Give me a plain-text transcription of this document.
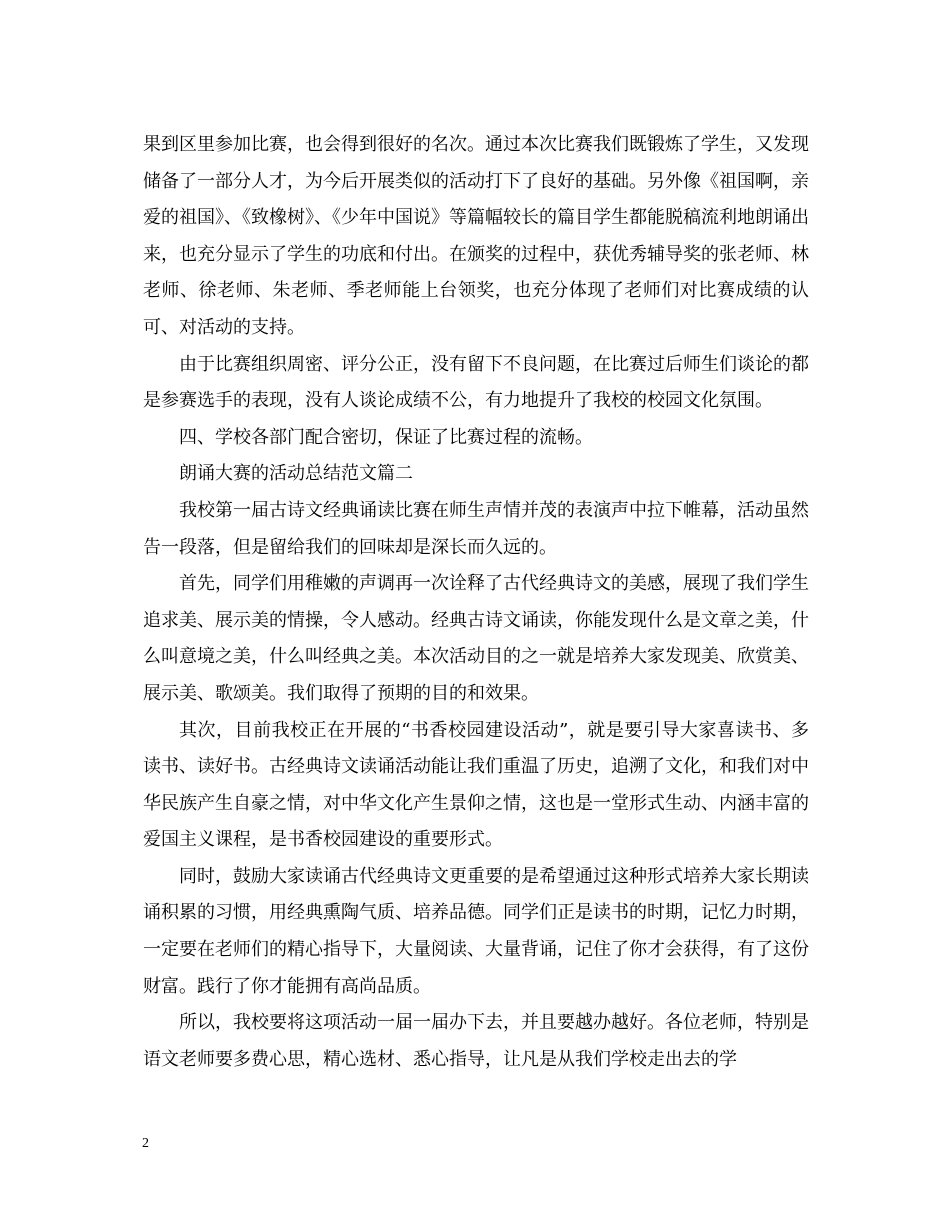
果到区里参加比赛，也会得到很好的名次。通过本次比赛我们既锻炼了学生，又发现储备了一部分人才，为今后开展类似的活动打下了良好的基础。另外像《祖国啊，亲爱的祖国》、《致橡树》、《少年中国说》等篇幅较长的篇目学生都能脱稿流利地朗诵出来，也充分显示了学生的功底和付出。在颁奖的过程中，获优秀辅导奖的张老师、林老师、徐老师、朱老师、季老师能上台领奖，也充分体现了老师们对比赛成绩的认可、对活动的支持。

由于比赛组织周密、评分公正，没有留下不良问题，在比赛过后师生们谈论的都是参赛选手的表现，没有人谈论成绩不公，有力地提升了我校的校园文化氛围。

四、学校各部门配合密切，保证了比赛过程的流畅。

朗诵大赛的活动总结范文篇二

我校第一届古诗文经典诵读比赛在师生声情并茂的表演声中拉下帷幕，活动虽然告一段落，但是留给我们的回味却是深长而久远的。

首先，同学们用稚嫩的声调再一次诠释了古代经典诗文的美感，展现了我们学生追求美、展示美的情操，令人感动。经典古诗文诵读，你能发现什么是文章之美，什么叫意境之美，什么叫经典之美。本次活动目的之一就是培养大家发现美、欣赏美、展示美、歌颂美。我们取得了预期的目的和效果。

其次，目前我校正在开展的“书香校园建设活动”，就是要引导大家喜读书、多读书、读好书。古经典诗文读诵活动能让我们重温了历史，追溯了文化，和我们对中华民族产生自豪之情，对中华文化产生景仰之情，这也是一堂形式生动、内涵丰富的爱国主义课程，是书香校园建设的重要形式。

同时，鼓励大家读诵古代经典诗文更重要的是希望通过这种形式培养大家长期读诵积累的习惯，用经典熏陶气质、培养品德。同学们正是读书的时期，记忆力时期，一定要在老师们的精心指导下，大量阅读、大量背诵，记住了你才会获得，有了这份财富。践行了你才能拥有高尚品质。

所以，我校要将这项活动一届一届办下去，并且要越办越好。各位老师，特别是语文老师要多费心思，精心选材、悉心指导，让凡是从我们学校走出去的学

2
